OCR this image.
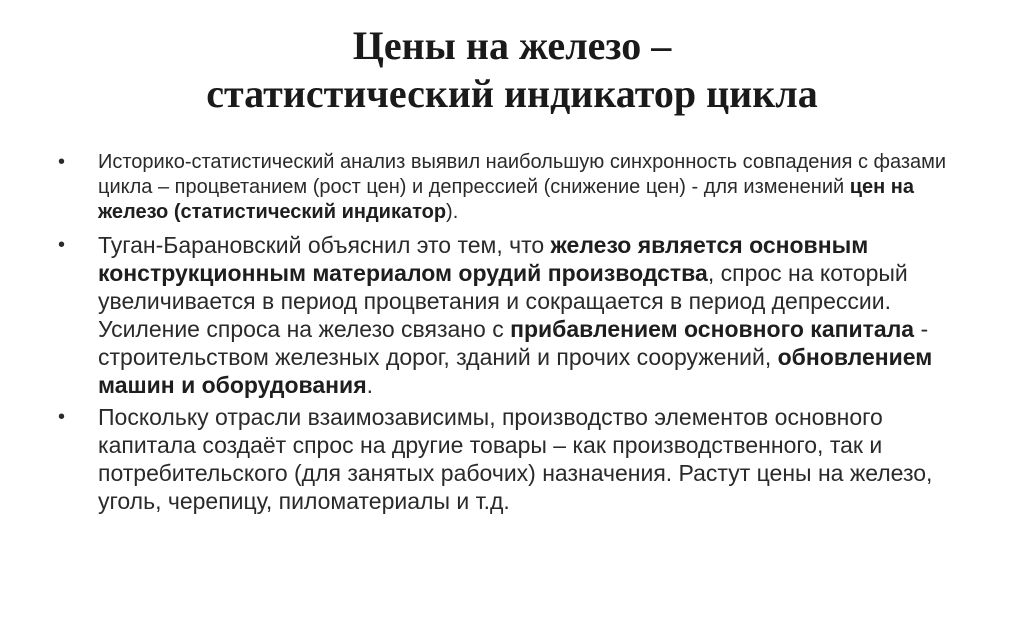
Цены на железо –
статистический индикатор цикла
• Историко-статистический анализ выявил наибольшую синхронность совпадения с фазами цикла – процветанием (рост цен) и депрессией (снижение цен) - для изменений цен на железо (статистический индикатор).
• Туган-Барановский объяснил это тем, что железо является основным конструкционным материалом орудий производства, спрос на который увеличивается в период процветания и сокращается в период депрессии. Усиление спроса на железо связано с прибавлением основного капитала - строительством железных дорог, зданий и прочих сооружений, обновлением машин и оборудования.
• Поскольку отрасли взаимозависимы, производство элементов основного капитала создаёт спрос на другие товары – как производственного, так и потребительского (для занятых рабочих) назначения. Растут цены на железо, уголь, черепицу, пиломатериалы и т.д.
